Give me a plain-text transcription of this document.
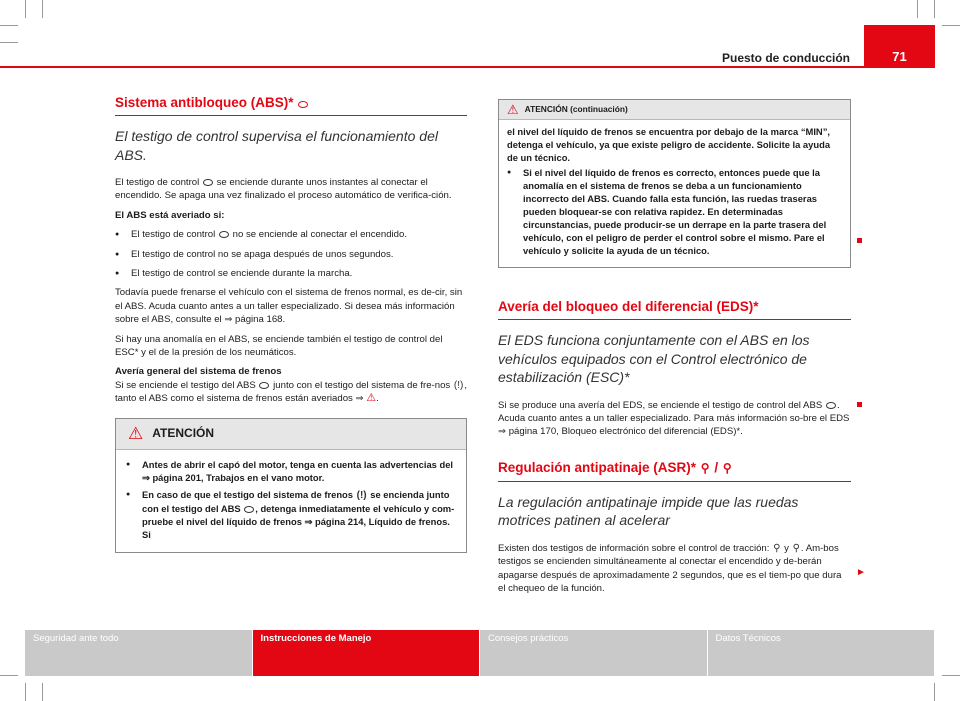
Puesto de conducción	71
Sistema antibloqueo (ABS)*
El testigo de control supervisa el funcionamiento del ABS.

El testigo de control se enciende durante unos instantes al conectar el encendido. Se apaga una vez finalizado el proceso automático de verifica-ción.

El ABS está averiado si:

● El testigo de control no se enciende al conectar el encendido.
● El testigo de control no se apaga después de unos segundos.
● El testigo de control se enciende durante la marcha.

Todavía puede frenarse el vehículo con el sistema de frenos normal, es de-cir, sin el ABS. Acuda cuanto antes a un taller especializado. Si desea más información sobre el ABS, consulte el ⇒ página 168.

Si hay una anomalía en el ABS, se enciende también el testigo de control del ESC* y el de la presión de los neumáticos.

Avería general del sistema de frenos

Si se enciende el testigo del ABS junto con el testigo del sistema de fre-nos (!), tanto el ABS como el sistema de frenos están averiados ⇒ ⚠.

⚠ ATENCIÓN
● Antes de abrir el capó del motor, tenga en cuenta las advertencias del ⇒ página 201, Trabajos en el vano motor.
● En caso de que el testigo del sistema de frenos (!) se encienda junto con el testigo del ABS , detenga inmediatamente el vehículo y com-pruebe el nivel del líquido de frenos ⇒ página 214, Líquido de frenos. Si
⚠ ATENCIÓN (continuación)

el nivel del líquido de frenos se encuentra por debajo de la marca “MIN”, detenga el vehículo, ya que existe peligro de accidente. Solicite la ayuda de un técnico.

● Si el nivel del líquido de frenos es correcto, entonces puede que la anomalía en el sistema de frenos se deba a un funcionamiento incorrecto del ABS. Cuando falla esta función, las ruedas traseras pueden bloquear-se con relativa rapidez. En determinadas circunstancias, puede producir-se un derrape en la parte trasera del vehículo, con el peligro de perder el control sobre el mismo. Pare el vehículo y solicite la ayuda de un técnico.
Avería del bloqueo del diferencial (EDS)*
El EDS funciona conjuntamente con el ABS en los vehículos equipados con el Control electrónico de estabilización (ESC)*

Si se produce una avería del EDS, se enciende el testigo de control del ABS . Acuda cuanto antes a un taller especializado. Para más información so-bre el EDS ⇒ página 170, Bloqueo electrónico del diferencial (EDS)*.

Regulación antipatinaje (ASR)* ⚲ / ⚲
La regulación antipatinaje impide que las ruedas motrices patinen al acelerar

Existen dos testigos de información sobre el control de tracción: ⚲ y ⚲. Am-bos testigos se encienden simultáneamente al conectar el encendido y de-berán apagarse después de aproximadamente 2 segundos, que es el tiem-po que dura el chequeo de la función.

►
Seguridad ante todo	Instrucciones de Manejo	Consejos prácticos	Datos Técnicos
